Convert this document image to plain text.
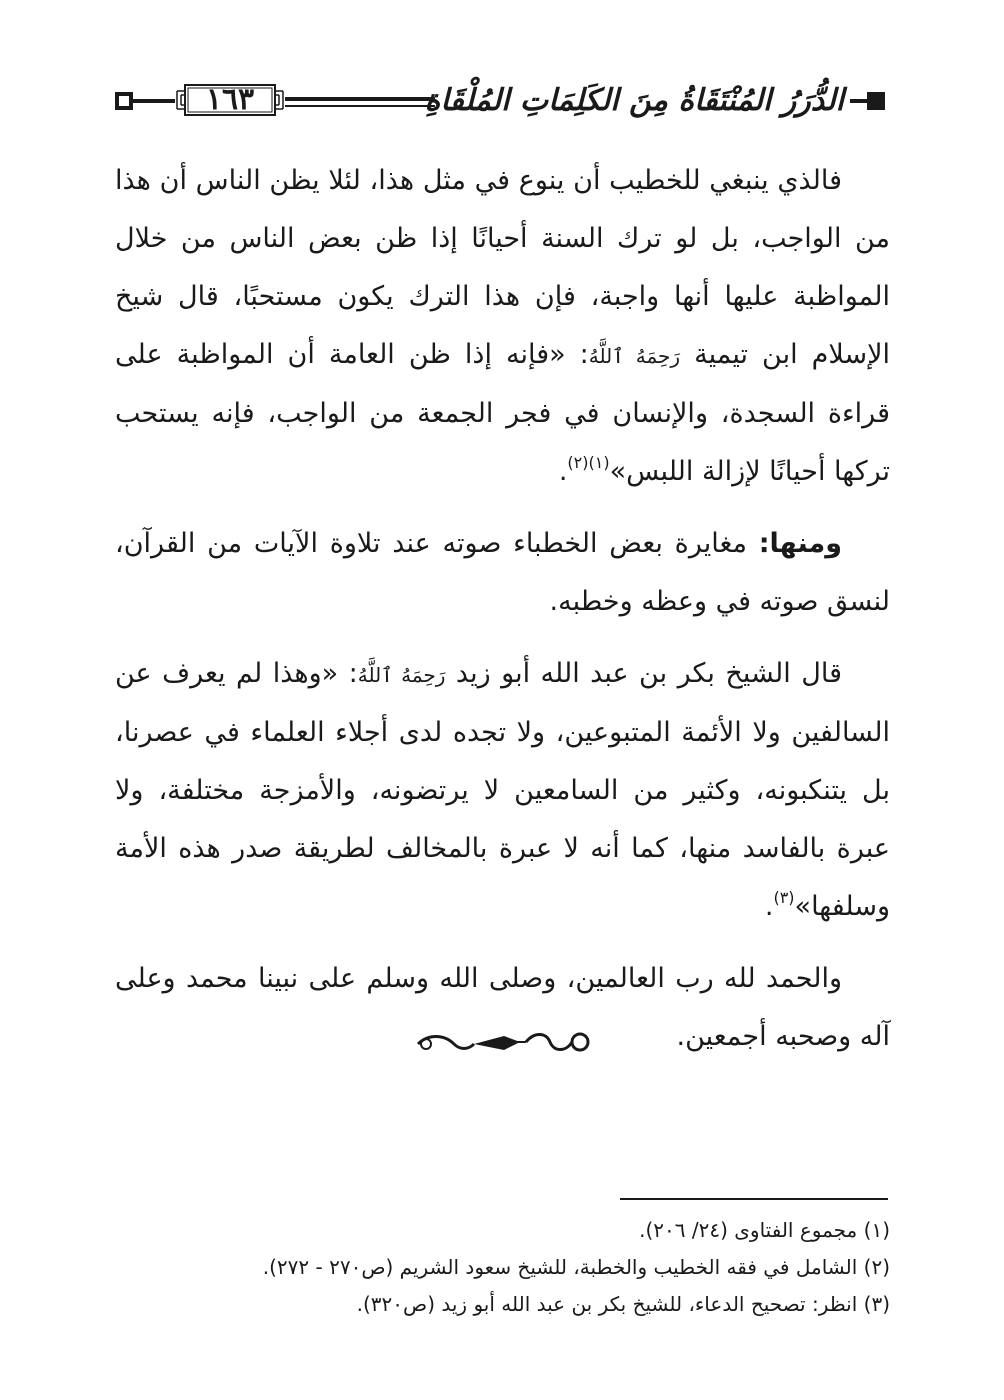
١٦٣	الدُّرَرُ المُنْتَقَاةُ مِنَ الكَلِمَاتِ المُلْقَاةِ

فالذي ينبغي للخطيب أن ينوع في مثل هذا، لئلا يظن الناس أن هذا من الواجب، بل لو ترك السنة أحيانًا إذا ظن بعض الناس من خلال المواظبة عليها أنها واجبة، فإن هذا الترك يكون مستحبًا، قال شيخ الإسلام ابن تيمية رَحِمَهُ ٱللَّهُ: «فإنه إذا ظن العامة أن المواظبة على قراءة السجدة، والإنسان في فجر الجمعة من الواجب، فإنه يستحب تركها أحيانًا لإزالة اللبس»$^{(١)(٢)}$.

ومنها: مغايرة بعض الخطباء صوته عند تلاوة الآيات من القرآن، لنسق صوته في وعظه وخطبه.

قال الشيخ بكر بن عبد الله أبو زيد رَحِمَهُ ٱللَّهُ: «وهذا لم يعرف عن السالفين ولا الأئمة المتبوعين، ولا تجده لدى أجلاء العلماء في عصرنا، بل يتنكبونه، وكثير من السامعين لا يرتضونه، والأمزجة مختلفة، ولا عبرة بالفاسد منها، كما أنه لا عبرة بالمخالف لطريقة صدر هذه الأمة وسلفها»$^{(٣)}$.

والحمد لله رب العالمين، وصلى الله وسلم على نبينا محمد وعلى آله وصحبه أجمعين.

(١) مجموع الفتاوى (٢٤/ ٢٠٦).

(٢) الشامل في فقه الخطيب والخطبة، للشيخ سعود الشريم (ص٢٧٠ - ٢٧٢).

(٣) انظر: تصحيح الدعاء، للشيخ بكر بن عبد الله أبو زيد (ص٣٢٠).
